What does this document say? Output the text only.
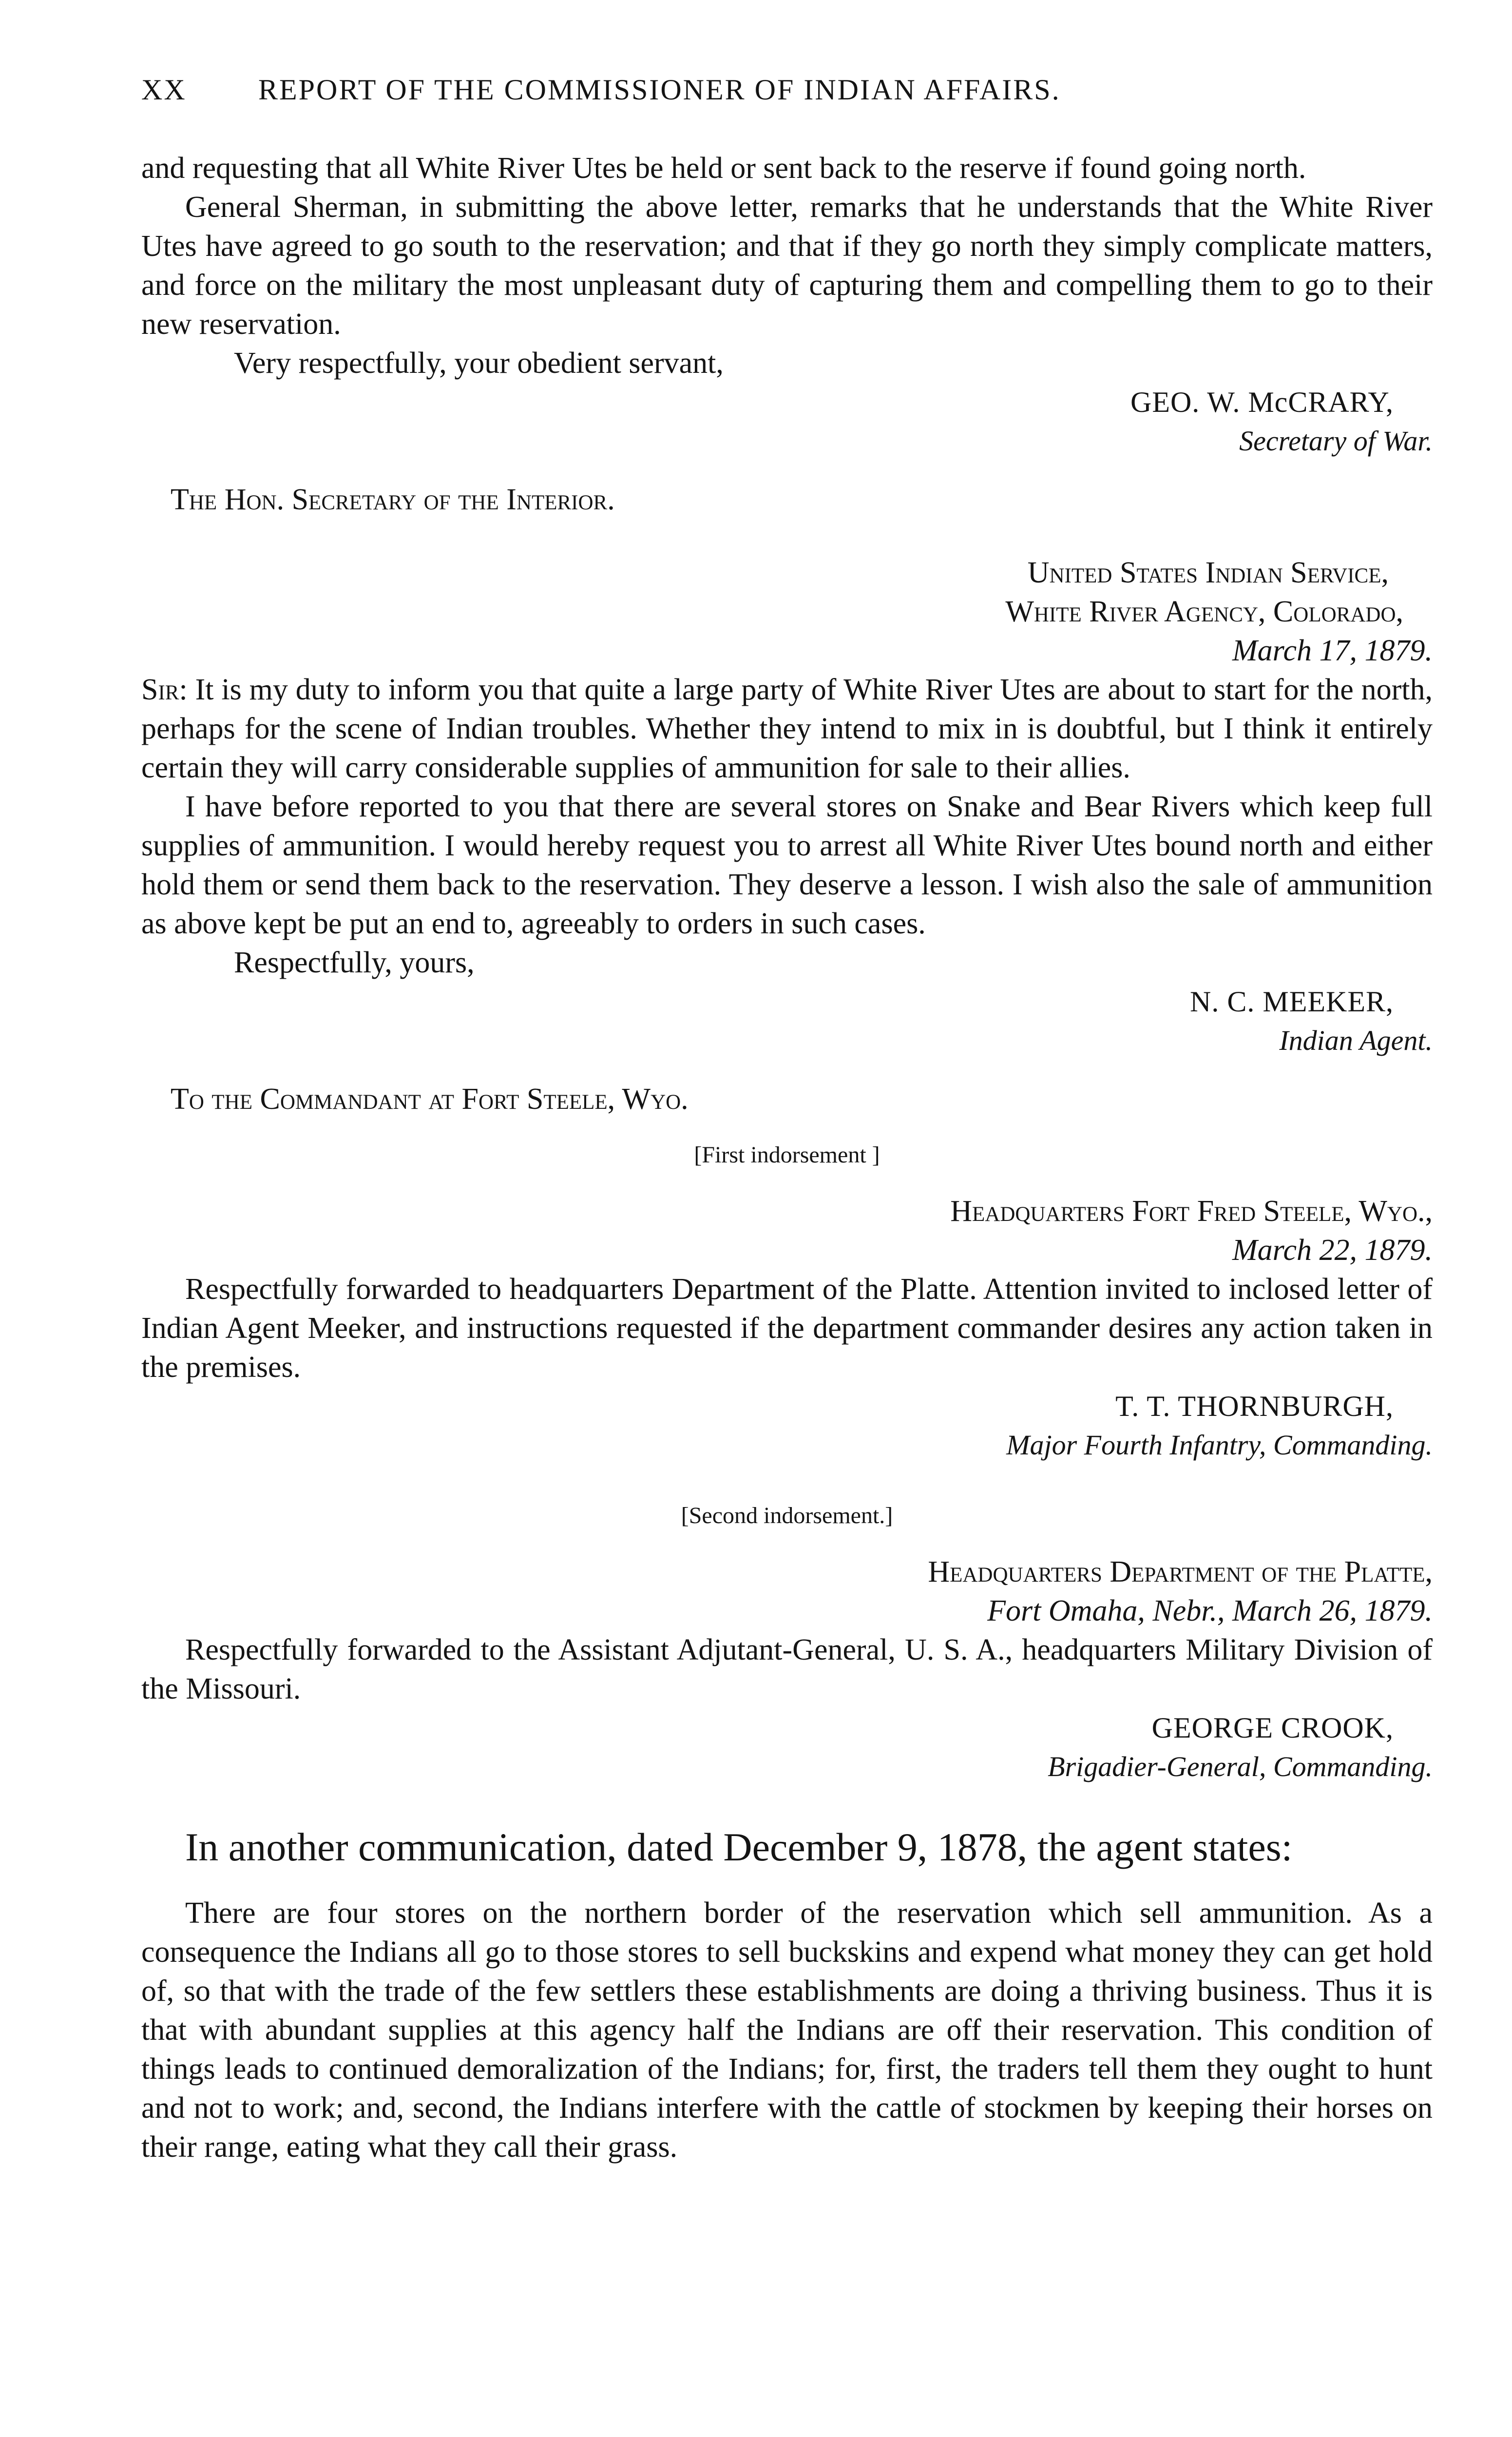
XX	REPORT OF THE COMMISSIONER OF INDIAN AFFAIRS.

and requesting that all White River Utes be held or sent back to the reserve if found going north.

General Sherman, in submitting the above letter, remarks that he understands that the White River Utes have agreed to go south to the reservation; and that if they go north they simply complicate matters, and force on the military the most unpleasant duty of capturing them and compelling them to go to their new reservation.

Very respectfully, your obedient servant,
GEO. W. McCRARY,
Secretary of War.
The Hon. Secretary of the Interior.
United States Indian Service,
White River Agency, Colorado,
March 17, 1879.

Sir: It is my duty to inform you that quite a large party of White River Utes are about to start for the north, perhaps for the scene of Indian troubles. Whether they intend to mix in is doubtful, but I think it entirely certain they will carry considerable supplies of ammunition for sale to their allies.

I have before reported to you that there are several stores on Snake and Bear Rivers which keep full supplies of ammunition. I would hereby request you to arrest all White River Utes bound north and either hold them or send them back to the reservation. They deserve a lesson. I wish also the sale of ammunition as above kept be put an end to, agreeably to orders in such cases.

Respectfully, yours,
N. C. MEEKER,
Indian Agent.
To the Commandant at Fort Steele, Wyo.
[First indorsement ]
Headquarters Fort Fred Steele, Wyo.,
March 22, 1879.

Respectfully forwarded to headquarters Department of the Platte. Attention invited to inclosed letter of Indian Agent Meeker, and instructions requested if the department commander desires any action taken in the premises.

T. T. THORNBURGH,
Major Fourth Infantry, Commanding.
[Second indorsement.]
Headquarters Department of the Platte,
Fort Omaha, Nebr., March 26, 1879.

Respectfully forwarded to the Assistant Adjutant-General, U. S. A., headquarters Military Division of the Missouri.

GEORGE CROOK,
Brigadier-General, Commanding.
In another communication, dated December 9, 1878, the agent states:

There are four stores on the northern border of the reservation which sell ammunition. As a consequence the Indians all go to those stores to sell buckskins and expend what money they can get hold of, so that with the trade of the few settlers these establishments are doing a thriving business. Thus it is that with abundant supplies at this agency half the Indians are off their reservation. This condition of things leads to continued demoralization of the Indians; for, first, the traders tell them they ought to hunt and not to work; and, second, the Indians interfere with the cattle of stockmen by keeping their horses on their range, eating what they call their grass.
